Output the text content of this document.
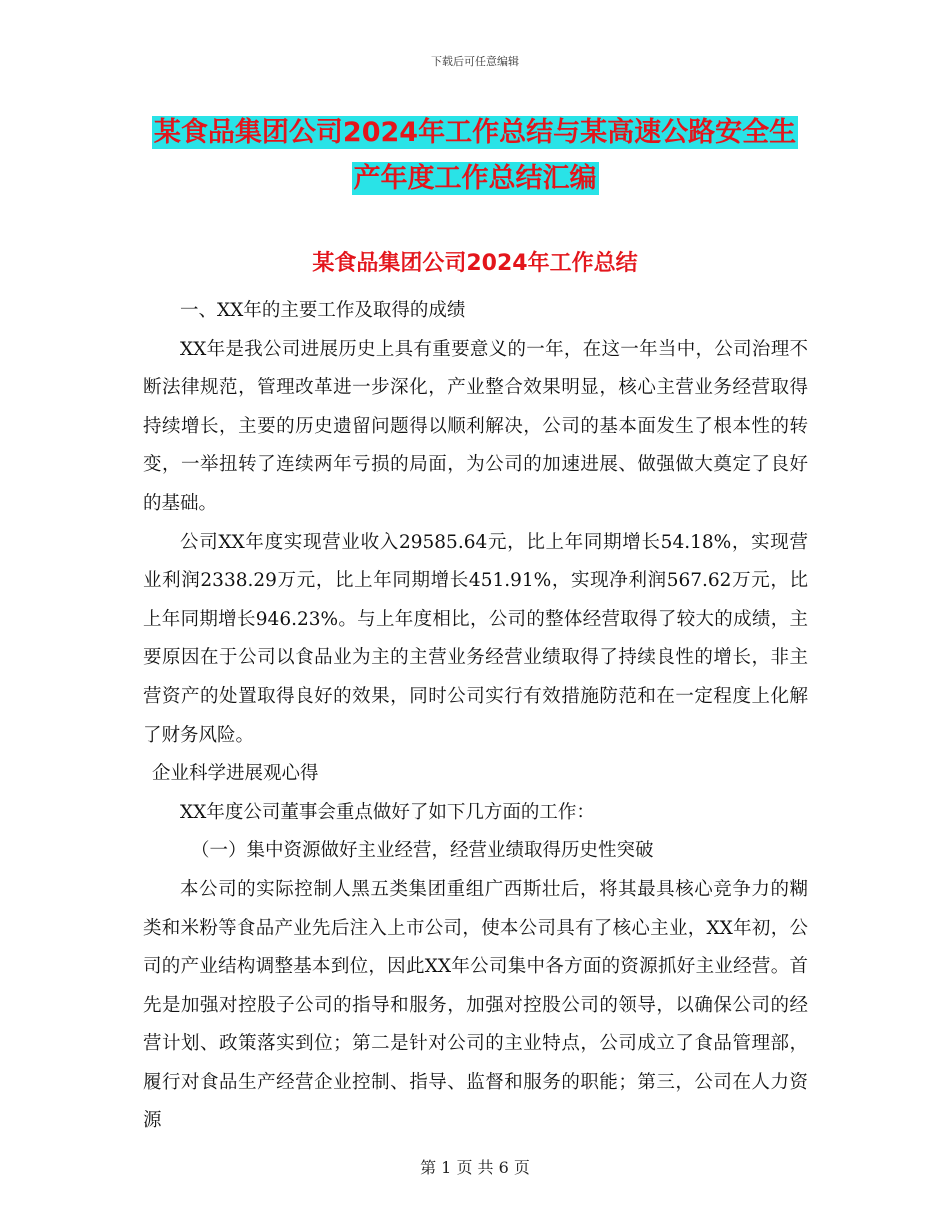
下载后可任意编辑
某食品集团公司2024年工作总结与某高速公路安全生
产年度工作总结汇编
某食品集团公司2024年工作总结

一、XX年的主要工作及取得的成绩

XX年是我公司进展历史上具有重要意义的一年，在这一年当中，公司治理不断法律规范，管理改革进一步深化，产业整合效果明显，核心主营业务经营取得持续增长，主要的历史遗留问题得以顺利解决，公司的基本面发生了根本性的转变，一举扭转了连续两年亏损的局面，为公司的加速进展、做强做大奠定了良好的基础。

公司XX年度实现营业收入29585.64元，比上年同期增长54.18%，实现营业利润2338.29万元，比上年同期增长451.91%，实现净利润567.62万元，比上年同期增长946.23%。与上年度相比，公司的整体经营取得了较大的成绩，主要原因在于公司以食品业为主的主营业务经营业绩取得了持续良性的增长，非主营资产的处置取得良好的效果，同时公司实行有效措施防范和在一定程度上化解了财务风险。

企业科学进展观心得

XX年度公司董事会重点做好了如下几方面的工作：

（一）集中资源做好主业经营，经营业绩取得历史性突破

本公司的实际控制人黑五类集团重组广西斯壮后，将其最具核心竞争力的糊类和米粉等食品产业先后注入上市公司，使本公司具有了核心主业，XX年初，公司的产业结构调整基本到位，因此XX年公司集中各方面的资源抓好主业经营。首先是加强对控股子公司的指导和服务，加强对控股公司的领导，以确保公司的经营计划、政策落实到位；第二是针对公司的主业特点，公司成立了食品管理部，履行对食品生产经营企业控制、指导、监督和服务的职能；第三，公司在人力资源

第 1 页 共 6 页
